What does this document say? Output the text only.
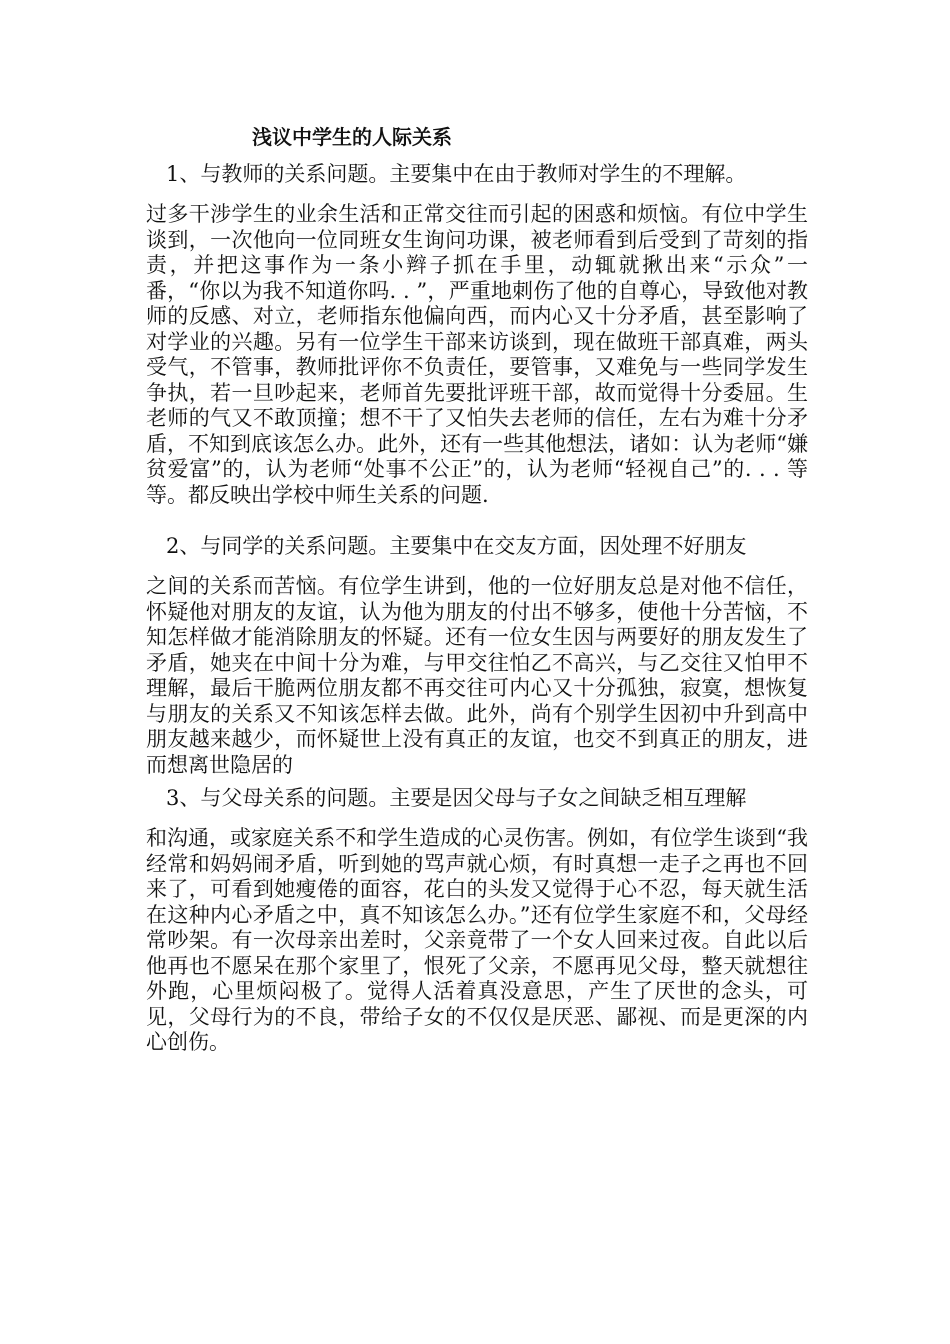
浅议中学生的人际关系

1、与教师的关系问题。主要集中在由于教师对学生的不理解。

过多干涉学生的业余生活和正常交往而引起的困惑和烦恼。有位中学生谈到，一次他向一位同班女生询问功课，被老师看到后受到了苛刻的指责，并把这事作为一条小辫子抓在手里，动辄就揪出来“示众”一番，“你以为我不知道你吗. . ”，严重地刺伤了他的自尊心，导致他对教师的反感、对立，老师指东他偏向西，而内心又十分矛盾，甚至影响了对学业的兴趣。另有一位学生干部来访谈到，现在做班干部真难，两头受气，不管事，教师批评你不负责任，要管事，又难免与一些同学发生争执，若一旦吵起来，老师首先要批评班干部，故而觉得十分委屈。生老师的气又不敢顶撞；想不干了又怕失去老师的信任，左右为难十分矛盾，不知到底该怎么办。此外，还有一些其他想法，诸如：认为老师“嫌贫爱富”的，认为老师“处事不公正”的，认为老师“轻视自己”的. . . 等等。都反映出学校中师生关系的问题.

2、与同学的关系问题。主要集中在交友方面，因处理不好朋友

之间的关系而苦恼。有位学生讲到，他的一位好朋友总是对他不信任，怀疑他对朋友的友谊，认为他为朋友的付出不够多，使他十分苦恼，不知怎样做才能消除朋友的怀疑。还有一位女生因与两要好的朋友发生了矛盾，她夹在中间十分为难，与甲交往怕乙不高兴，与乙交往又怕甲不理解，最后干脆两位朋友都不再交往可内心又十分孤独，寂寞，想恢复与朋友的关系又不知该怎样去做。此外，尚有个别学生因初中升到高中朋友越来越少，而怀疑世上没有真正的友谊，也交不到真正的朋友，进而想离世隐居的

3、与父母关系的问题。主要是因父母与子女之间缺乏相互理解

和沟通，或家庭关系不和学生造成的心灵伤害。例如，有位学生谈到“我经常和妈妈闹矛盾，听到她的骂声就心烦，有时真想一走子之再也不回来了，可看到她瘦倦的面容，花白的头发又觉得于心不忍，每天就生活在这种内心矛盾之中，真不知该怎么办。”还有位学生家庭不和，父母经常吵架。有一次母亲出差时，父亲竟带了一个女人回来过夜。自此以后他再也不愿呆在那个家里了，恨死了父亲，不愿再见父母，整天就想往外跑，心里烦闷极了。觉得人活着真没意思，产生了厌世的念头，可见，父母行为的不良，带给子女的不仅仅是厌恶、鄙视、而是更深的内心创伤。
